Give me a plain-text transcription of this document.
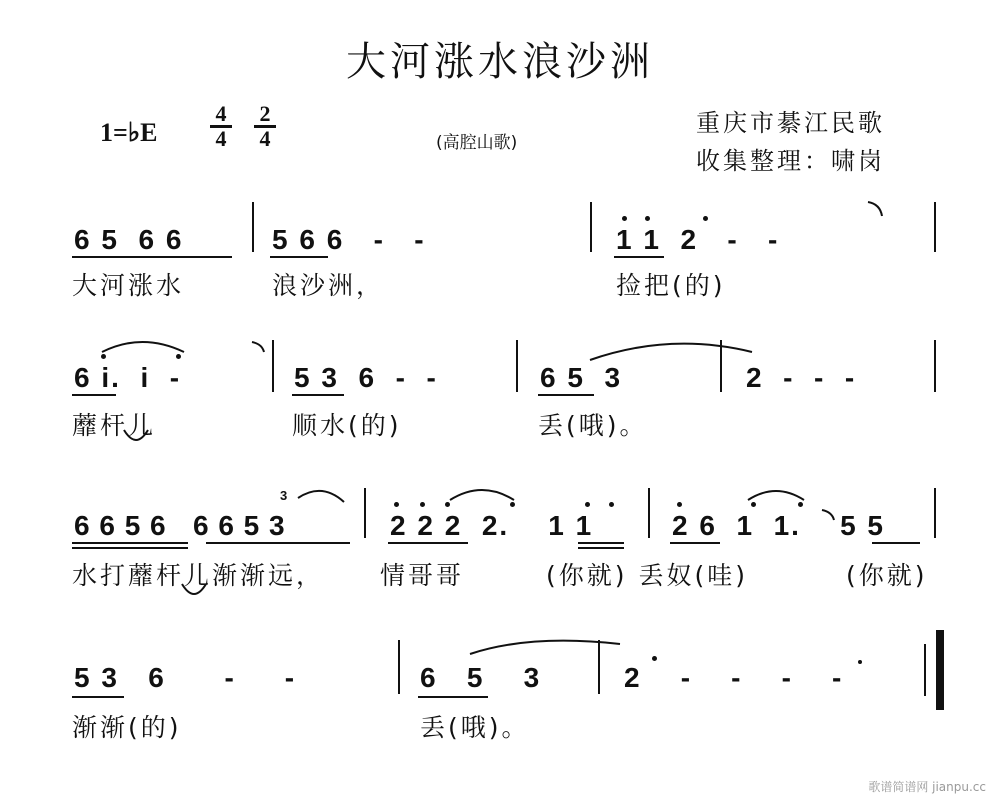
大河涨水浪沙洲
1=♭E
4
4
2
4	(高腔山歌)
重庆市綦江民歌
收集整理：啸岗
6 5  6 6	5 6 6   -   -	1 1  2   -   -
大河涨水	浪沙洲，	捡把(的)
6 i.  i  -	5 3  6  -  -	6 5  3	2  -  -  -
蘼杆儿	顺水(的)	丢(哦)。
6 6 5 6   6 6 5 3
3
2 2 2  2.    1 1	2 6  1  1.    5 5
水打蘼杆儿渐渐远， 情哥哥	(你就) 丢奴(哇)	(你就)
5 3   6      -     -	6   5    3	2    -    -    -    -
渐渐(的)	丢(哦)。
歌谱简谱网 jianpu.cc
